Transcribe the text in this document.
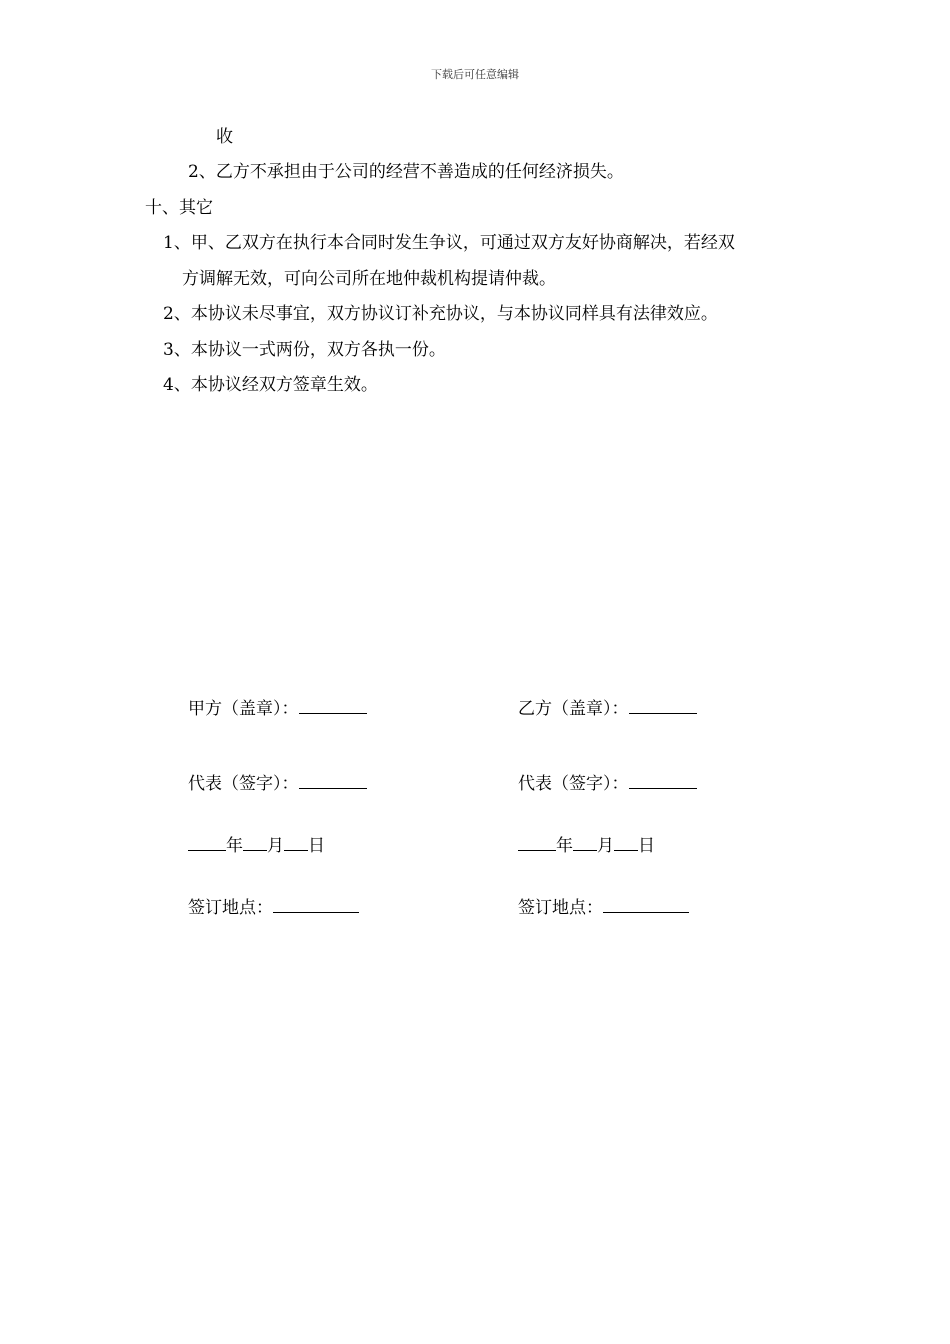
下载后可任意编辑
收
2、乙方不承担由于公司的经营不善造成的任何经济损失。
十、其它
1、甲、乙双方在执行本合同时发生争议，可通过双方友好协商解决，若经双
方调解无效，可向公司所在地仲裁机构提请仲裁。
2、本协议未尽事宜，双方协议订补充协议，与本协议同样具有法律效应。
3、本协议一式两份，双方各执一份。
4、本协议经双方签章生效。
甲方（盖章）：
代表（签字）：
年 月 日
签订地点：
乙方（盖章）：
代表（签字）：
年 月 日
签订地点：
